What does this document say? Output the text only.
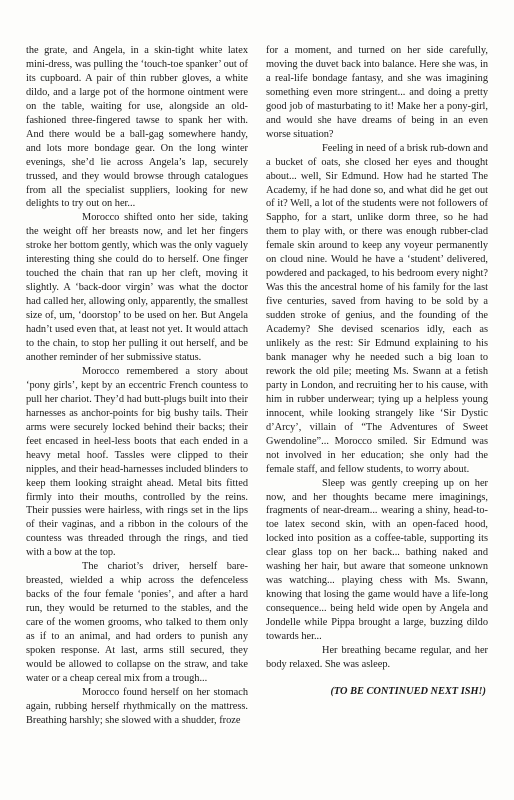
the grate, and Angela, in a skin-tight white latex mini-dress, was pulling the ‘touch-toe spanker’ out of its cupboard. A pair of thin rubber gloves, a white dildo, and a large pot of the hormone ointment were on the table, waiting for use, alongside an old-fashioned three-fingered tawse to spank her with. And there would be a ball-gag somewhere handy, and lots more bondage gear. On the long winter evenings, she’d lie across Angela’s lap, securely trussed, and they would browse through catalogues from all the specialist suppliers, looking for new delights to try out on her...

Morocco shifted onto her side, taking the weight off her breasts now, and let her fingers stroke her bottom gently, which was the only vaguely interesting thing she could do to herself. One finger touched the chain that ran up her cleft, moving it slightly. A ‘back-door virgin’ was what the doctor had called her, allowing only, apparently, the smallest size of, um, ‘doorstop’ to be used on her. But Angela hadn’t used even that, at least not yet. It would attach to the chain, to stop her pulling it out herself, and be another reminder of her submissive status.

Morocco remembered a story about ‘pony girls’, kept by an eccentric French countess to pull her chariot. They’d had butt-plugs built into their harnesses as anchor-points for big bushy tails. Their arms were securely locked behind their backs; their feet encased in heel-less boots that each ended in a heavy metal hoof. Tassles were clipped to their nipples, and their head-harnesses included blinders to keep them looking straight ahead. Metal bits fitted firmly into their mouths, controlled by the reins. Their pussies were hairless, with rings set in the lips of their vaginas, and a ribbon in the colours of the countess was threaded through the rings, and tied with a bow at the top.

The chariot’s driver, herself bare-breasted, wielded a whip across the defenceless backs of the four female ‘ponies’, and after a hard run, they would be returned to the stables, and the care of the women grooms, who talked to them only as if to an animal, and had orders to punish any spoken response. At last, arms still secured, they would be allowed to collapse on the straw, and take water or a cheap cereal mix from a trough...

Morocco found herself on her stomach again, rubbing herself rhythmically on the mattress. Breathing harshly; she slowed with a shudder, froze

for a moment, and turned on her side carefully, moving the duvet back into balance. Here she was, in a real-life bondage fantasy, and she was imagining something even more stringent... and doing a pretty good job of masturbating to it! Make her a pony-girl, and would she have dreams of being in an even worse situation?

Feeling in need of a brisk rub-down and a bucket of oats, she closed her eyes and thought about... well, Sir Edmund. How had he started The Academy, if he had done so, and what did he get out of it? Well, a lot of the students were not followers of Sappho, for a start, unlike dorm three, so he had them to play with, or there was enough rubber-clad female skin around to keep any voyeur permanently on cloud nine. Would he have a ‘student’ delivered, powdered and packaged, to his bedroom every night? Was this the ancestral home of his family for the last five centuries, saved from having to be sold by a sudden stroke of genius, and the founding of the Academy? She devised scenarios idly, each as unlikely as the rest: Sir Edmund explaining to his bank manager why he needed such a big loan to rework the old pile; meeting Ms. Swann at a fetish party in London, and recruiting her to his cause, with him in rubber underwear; tying up a helpless young innocent, while looking strangely like ‘Sir Dystic d’Arcy’, villain of “The Adventures of Sweet Gwendoline”... Morocco smiled. Sir Edmund was not involved in her education; she only had the female staff, and fellow students, to worry about.

Sleep was gently creeping up on her now, and her thoughts became mere imaginings, fragments of near-dream... wearing a shiny, head-to-toe latex second skin, with an open-faced hood, locked into position as a coffee-table, supporting its clear glass top on her back... bathing naked and washing her hair, but aware that someone unknown was watching... playing chess with Ms. Swann, knowing that losing the game would have a life-long consequence... being held wide open by Angela and Jondelle while Pippa brought a large, buzzing dildo towards her...

Her breathing became regular, and her body relaxed. She was asleep.

(TO BE CONTINUED NEXT ISH!)
